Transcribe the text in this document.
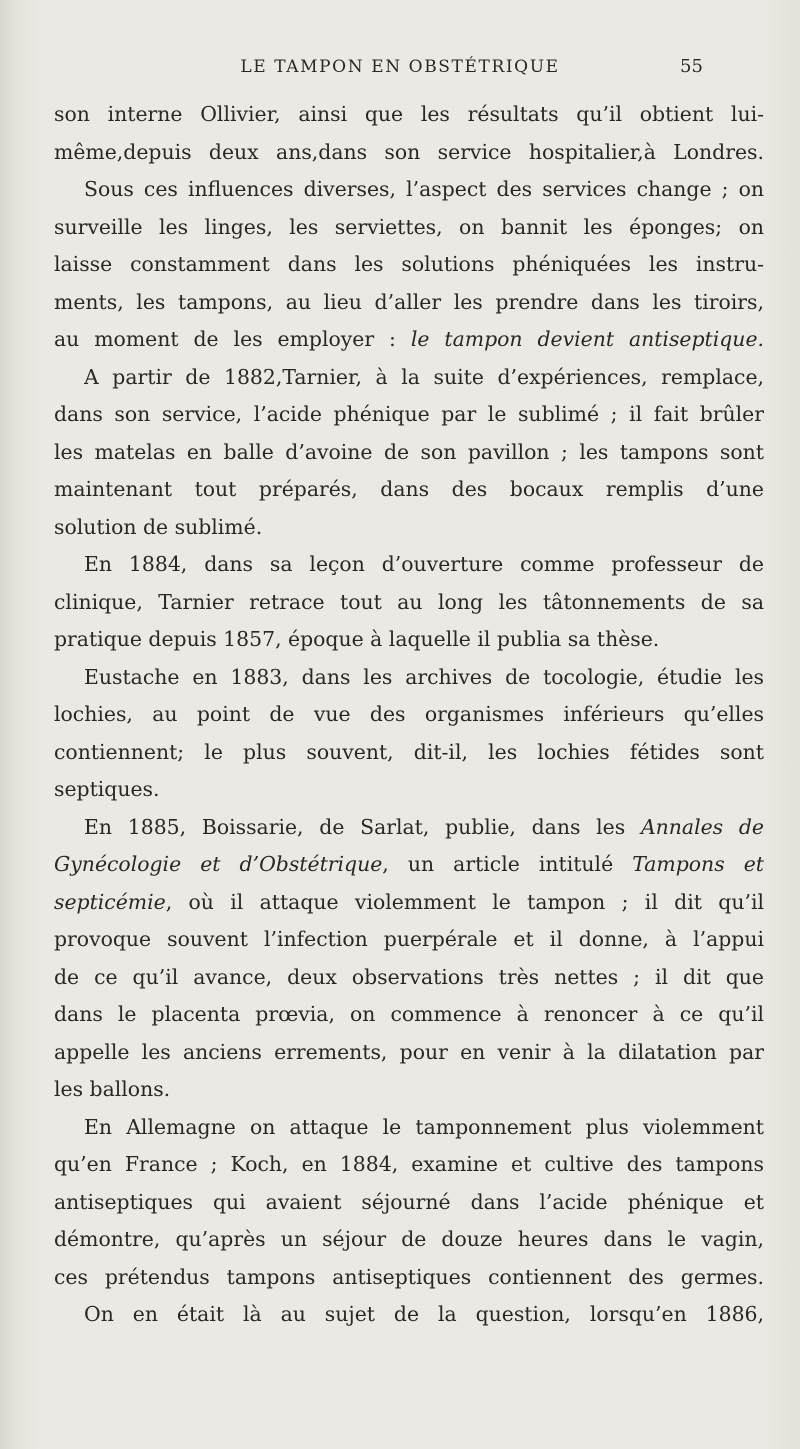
LE TAMPON EN OBSTÉTRIQUE	55
son interne Ollivier, ainsi que les résultats qu’il obtient lui-
même,depuis deux ans,dans son service hospitalier,à Londres.
Sous ces influences diverses, l’aspect des services change ; on
surveille les linges, les serviettes, on bannit les éponges; on
laisse constamment dans les solutions phéniquées les instru-
ments, les tampons, au lieu d’aller les prendre dans les tiroirs,
au moment de les employer : le tampon devient antiseptique.
A partir de 1882,Tarnier, à la suite d’expériences, remplace,
dans son service, l’acide phénique par le sublimé ; il fait brûler
les matelas en balle d’avoine de son pavillon ; les tampons sont
maintenant tout préparés, dans des bocaux remplis d’une
solution de sublimé.
En 1884, dans sa leçon d’ouverture comme professeur de
clinique, Tarnier retrace tout au long les tâtonnements de sa
pratique depuis 1857, époque à laquelle il publia sa thèse.
Eustache en 1883, dans les archives de tocologie, étudie les
lochies, au point de vue des organismes inférieurs qu’elles
contiennent; le plus souvent, dit-il, les lochies fétides sont
septiques.
En 1885, Boissarie, de Sarlat, publie, dans les Annales de
Gynécologie et d’Obstétrique, un article intitulé Tampons et
septicémie, où il attaque violemment le tampon ; il dit qu’il
provoque souvent l’infection puerpérale et il donne, à l’appui
de ce qu’il avance, deux observations très nettes ; il dit que
dans le placenta prœvia, on commence à renoncer à ce qu’il
appelle les anciens errements, pour en venir à la dilatation par
les ballons.
En Allemagne on attaque le tamponnement plus violemment
qu’en France ; Koch, en 1884, examine et cultive des tampons
antiseptiques qui avaient séjourné dans l’acide phénique et
démontre, qu’après un séjour de douze heures dans le vagin,
ces prétendus tampons antiseptiques contiennent des germes.
On en était là au sujet de la question, lorsqu’en 1886,
